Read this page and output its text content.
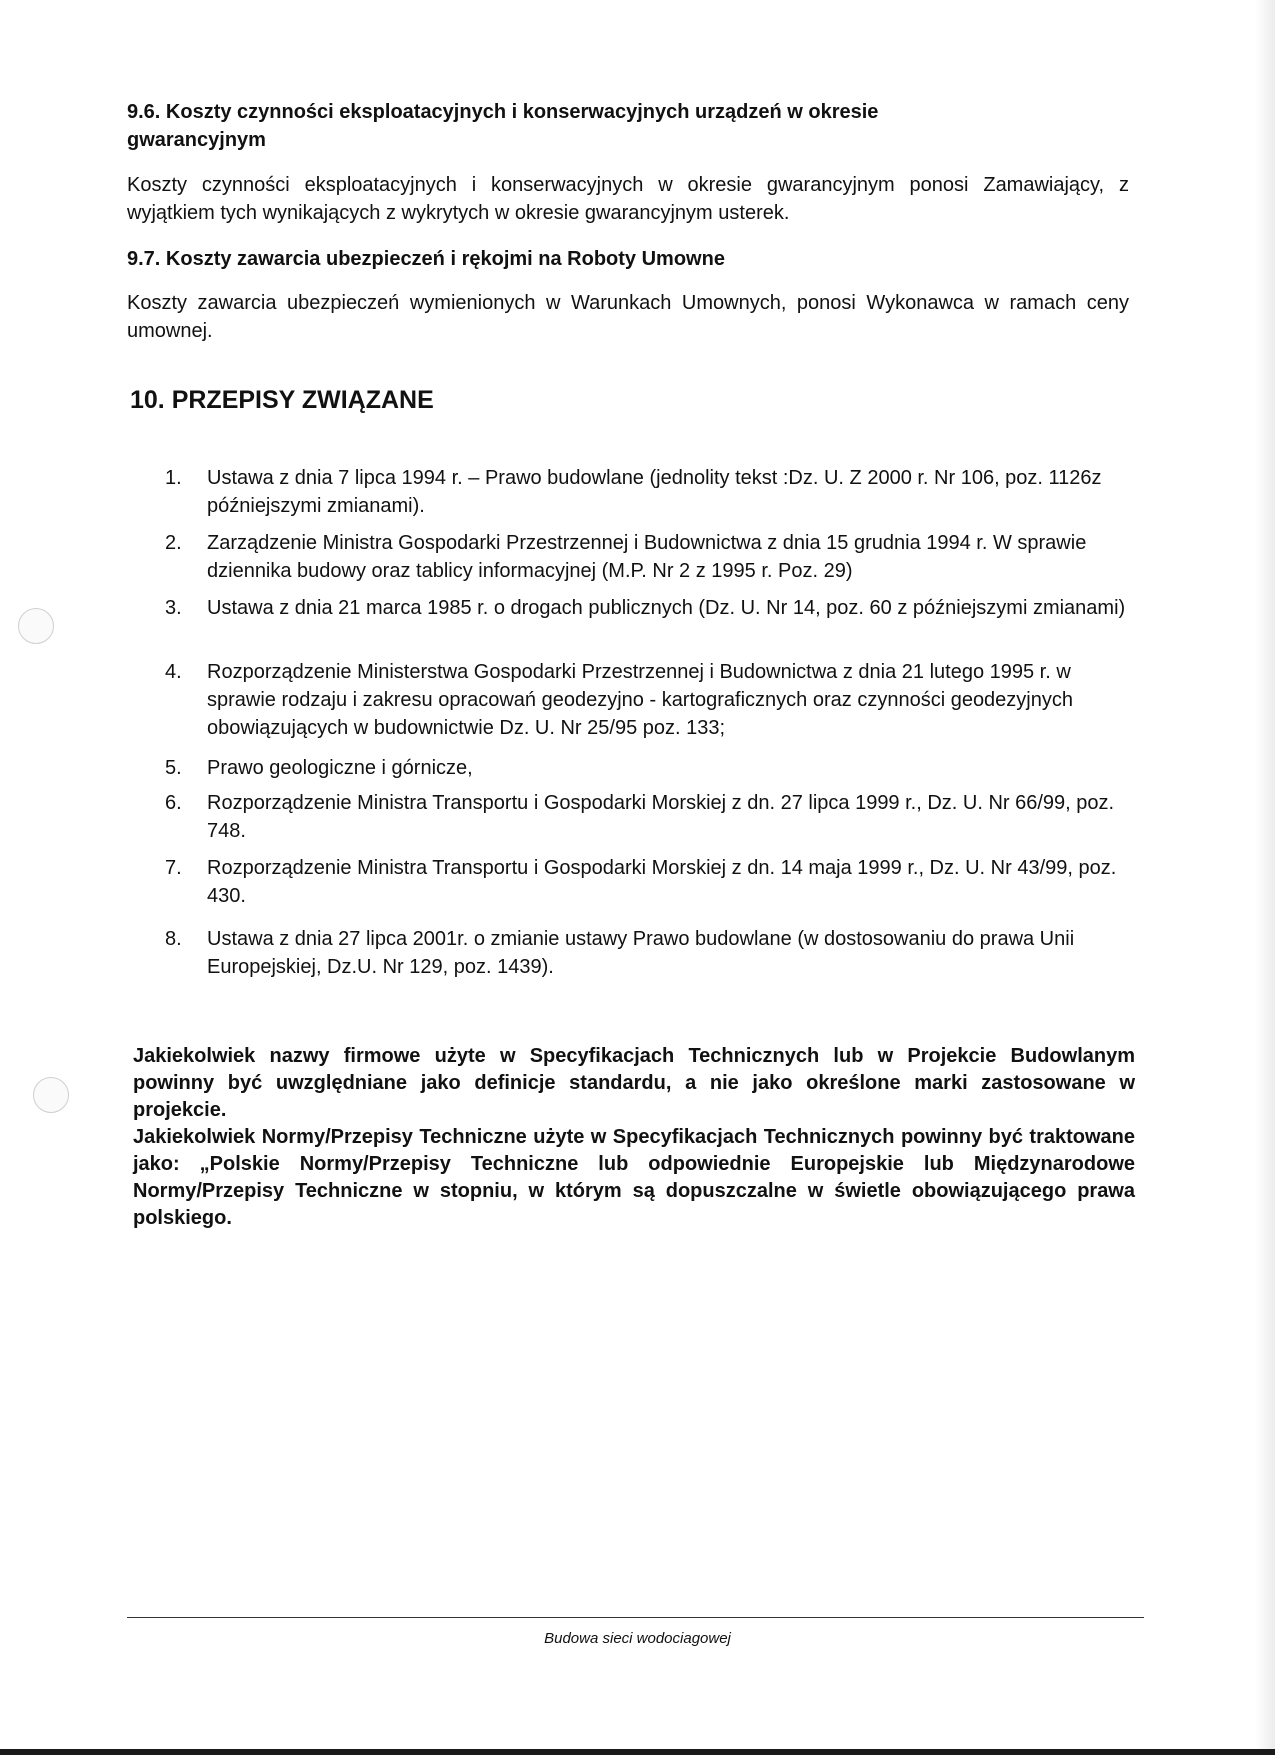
9.6. Koszty czynności eksploatacyjnych i konserwacyjnych urządzeń w okresie gwarancyjnym
Koszty czynności eksploatacyjnych i konserwacyjnych w okresie gwarancyjnym ponosi Zamawiający, z wyjątkiem tych wynikających z wykrytych w okresie gwarancyjnym usterek.
9.7. Koszty zawarcia ubezpieczeń i rękojmi na Roboty Umowne
Koszty zawarcia ubezpieczeń wymienionych w Warunkach Umownych, ponosi Wykonawca w ramach ceny umownej.
10. PRZEPISY ZWIĄZANE
1.	Ustawa z dnia 7 lipca 1994 r. – Prawo budowlane (jednolity tekst :Dz. U. Z 2000 r. Nr 106, poz. 1126z późniejszymi zmianami).
2.	Zarządzenie Ministra Gospodarki Przestrzennej i Budownictwa z dnia 15 grudnia 1994 r. W sprawie dziennika budowy oraz tablicy informacyjnej (M.P. Nr 2 z 1995 r. Poz. 29)
3.	Ustawa z dnia 21 marca 1985 r. o drogach publicznych (Dz. U. Nr 14, poz. 60 z późniejszymi zmianami)
4.	Rozporządzenie Ministerstwa Gospodarki Przestrzennej i Budownictwa z dnia 21 lutego 1995 r. w sprawie rodzaju i zakresu opracowań geodezyjno - kartograficznych oraz czynności geodezyjnych obowiązujących w budownictwie Dz. U. Nr 25/95 poz. 133;
5.	Prawo geologiczne i górnicze,
6.	Rozporządzenie Ministra Transportu i Gospodarki Morskiej z dn. 27 lipca 1999 r., Dz. U. Nr 66/99, poz. 748.
7.	Rozporządzenie Ministra Transportu i Gospodarki Morskiej z dn. 14 maja 1999 r., Dz. U. Nr 43/99, poz. 430.
8.	Ustawa z dnia 27 lipca 2001r. o zmianie ustawy Prawo budowlane (w dostosowaniu do prawa Unii Europejskiej, Dz.U. Nr 129, poz. 1439).

Jakiekolwiek nazwy firmowe użyte w Specyfikacjach Technicznych lub w Projekcie Budowlanym powinny być uwzględniane jako definicje standardu, a nie jako określone marki zastosowane w projekcie.

Jakiekolwiek Normy/Przepisy Techniczne użyte w Specyfikacjach Technicznych powinny być traktowane jako: „Polskie Normy/Przepisy Techniczne lub odpowiednie Europejskie lub Międzynarodowe Normy/Przepisy Techniczne w stopniu, w którym są dopuszczalne w świetle obowiązującego prawa polskiego.

Budowa sieci wodociagowej
